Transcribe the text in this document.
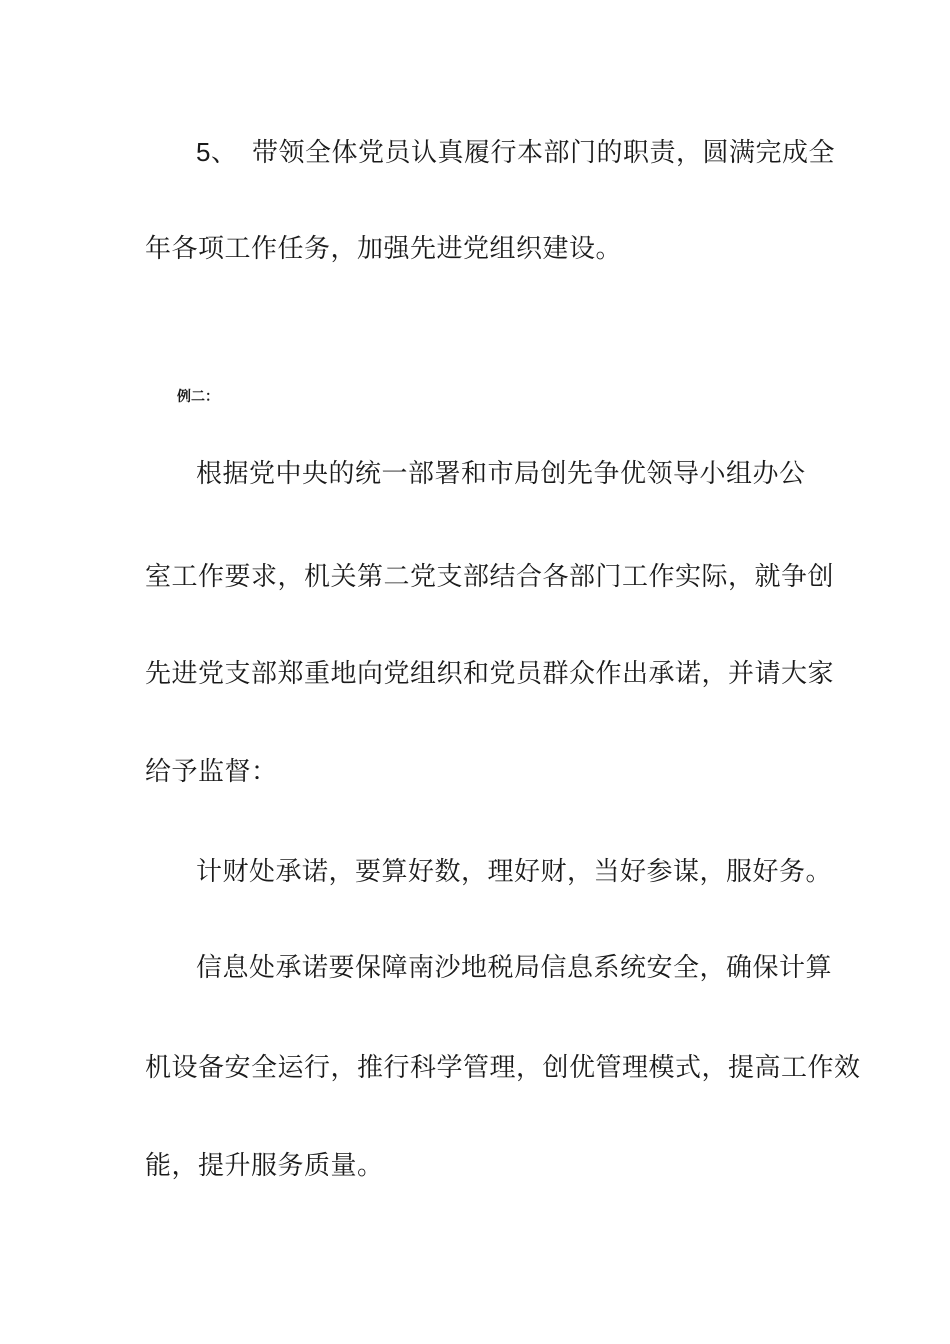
5、 带领全体党员认真履行本部门的职责，圆满完成全
年各项工作任务，加强先进党组织建设。
例二：
根据党中央的统一部署和市局创先争优领导小组办公
室工作要求，机关第二党支部结合各部门工作实际，就争创
先进党支部郑重地向党组织和党员群众作出承诺，并请大家
给予监督：
计财处承诺，要算好数，理好财，当好参谋，服好务。
信息处承诺要保障南沙地税局信息系统安全，确保计算
机设备安全运行，推行科学管理，创优管理模式，提高工作效
能，提升服务质量。
